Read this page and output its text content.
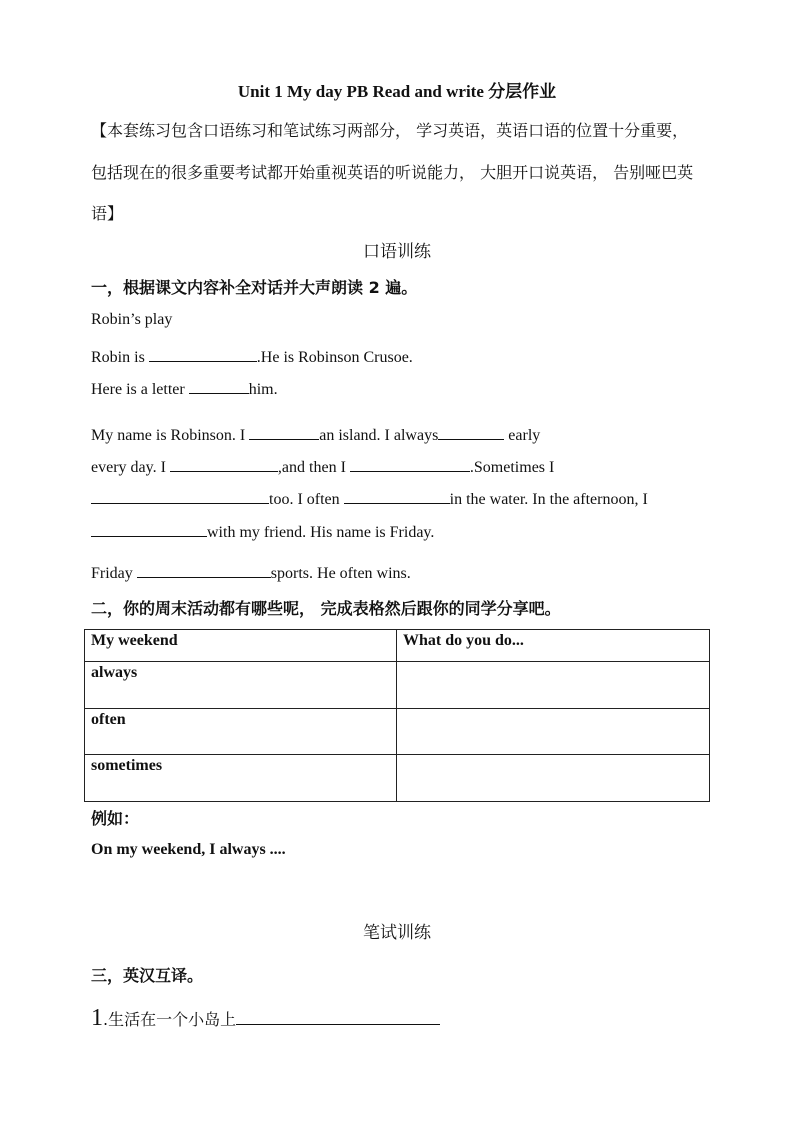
Unit 1 My day PB Read and write 分层作业
【本套练习包含口语练习和笔试练习两部分， 学习英语，英语口语的位置十分重要，
包括现在的很多重要考试都开始重视英语的听说能力， 大胆开口说英语， 告别哑巴英
语】
口语训练
一，根据课文内容补全对话并大声朗读 2 遍。
Robin’s play
Robin is	.He is Robinson Crusoe.
Here is a letter	him.
My name is Robinson. I	an island. I always	early
every day. I	,and then I	.Sometimes I
too. I often	in the water. In the afternoon, I
with my friend. His name is Friday.
Friday	sports. He often wins.
二，你的周末活动都有哪些呢， 完成表格然后跟你的同学分享吧。
My weekend	What do you do...
always	
often	
sometimes	
例如：
On my weekend, I always ....
笔试训练
三，英汉互译。
1.生活在一个小岛上
